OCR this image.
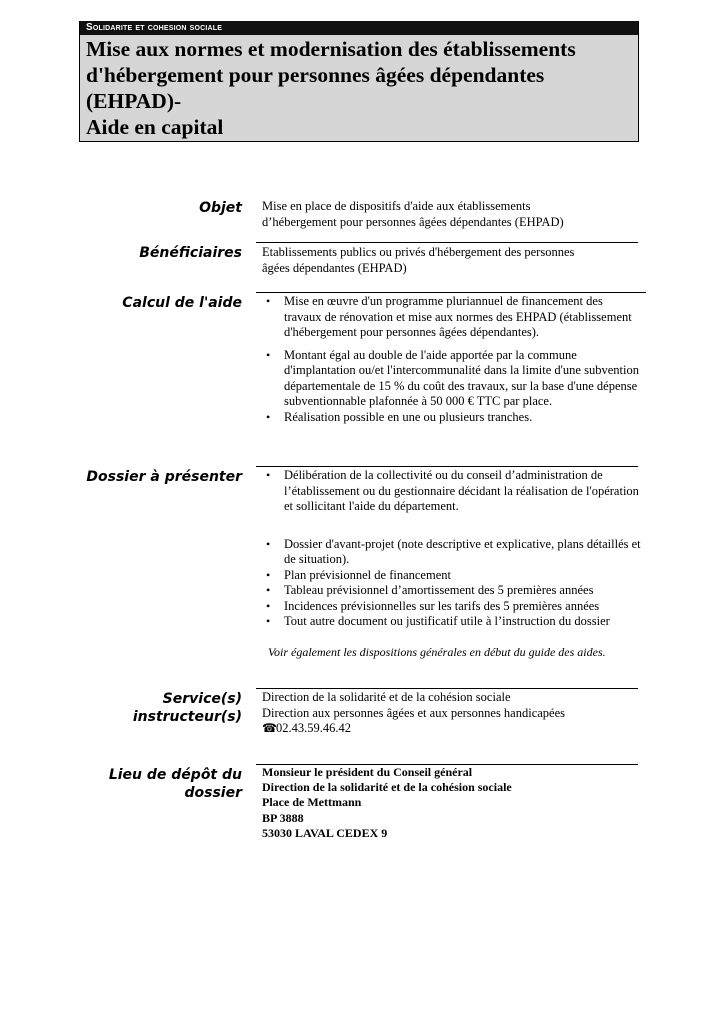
Solidarite et cohesion sociale
Mise aux normes et modernisation des établissements
d'hébergement pour personnes âgées dépendantes
(EHPAD)-
Aide en capital
Objet Mise en place de dispositifs d'aide aux établissements

d’hébergement pour personnes âgées dépendantes (EHPAD)

Bénéficiaires Etablissements publics ou privés d'hébergement des personnes

âgées dépendantes (EHPAD)

Calcul de l'aide	• Mise en œuvre d'un programme pluriannuel de financement des travaux de rénovation et mise aux normes des EHPAD (établissement d'hébergement pour personnes âgées dépendantes).
• Montant égal au double de l'aide apportée par la commune d'implantation ou/et l'intercommunalité dans la limite d'une subvention départementale de 15 % du coût des travaux, sur la base d'une dépense subventionnable plafonnée à 50 000 € TTC par place.
• Réalisation possible en une ou plusieurs tranches.
Dossier à présenter	• Délibération de la collectivité ou du conseil d’administration de l’établissement ou du gestionnaire décidant la réalisation de l'opération et sollicitant l'aide du département.
• Dossier d'avant-projet (note descriptive et explicative, plans détaillés et de situation).
• Plan prévisionnel de financement
• Tableau prévisionnel d’amortissement des 5 premières années
• Incidences prévisionnelles sur les tarifs des 5 premières années
• Tout autre document ou justificatif utile à l’instruction du dossier

Voir également les dispositions générales en début du guide des aides.

Service(s)
instructeur(s)

Direction de la solidarité et de la cohésion sociale

Direction aux personnes âgées et aux personnes handicapées

☎02.43.59.46.42

Lieu de dépôt du
dossier

Monsieur le président du Conseil général

Direction de la solidarité et de la cohésion sociale

Place de Mettmann

BP 3888

53030 LAVAL CEDEX 9
